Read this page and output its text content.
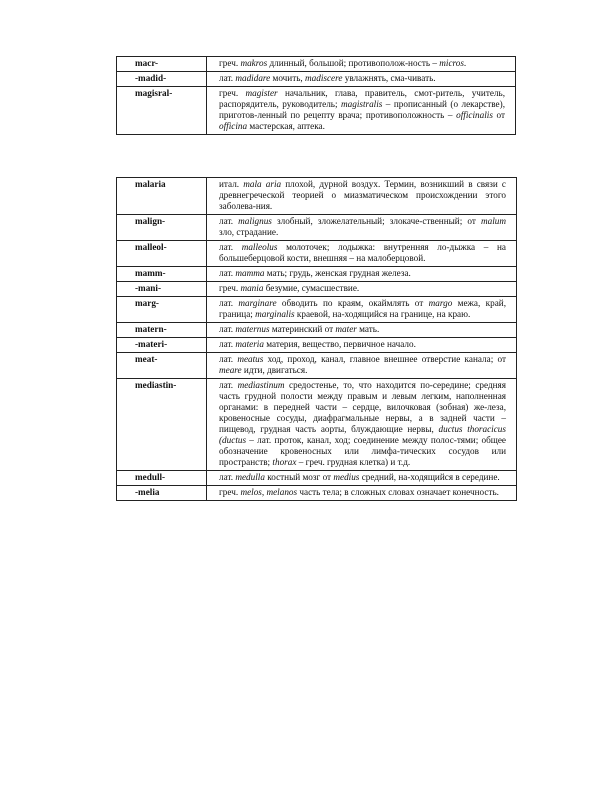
macr-	греч. makros длинный, большой; противополож-ность – micros.
-madid-	лат. madidare мочить, madiscere увлажнять, сма-чивать.
magisral-	греч. magister начальник, глава, правитель, смот-ритель, учитель, распорядитель, руководитель; magistralis – прописанный (о лекарстве), приготов-ленный по рецепту врача; противоположность – officinalis от officina мастерская, аптека.
malaria	итал. mala aria плохой, дурной воздух. Термин, возникший в связи с древнегреческой теорией о миазматическом происхождении этого заболева-ния.
malign-	лат. malignus злобный, зложелательный; злокаче-ственный; от malum зло, страдание.
malleol-	лат. malleolus молоточек; лодыжка: внутренняя ло-дыжка – на большеберцовой кости, внешняя – на малоберцовой.
mamm-	лат. mamma мать; грудь, женская грудная железа.
-mani-	греч. mania безумие, сумасшествие.
marg-	лат. marginare обводить по краям, окаймлять от margo межа, край, граница; marginalis краевой, на-ходящийся на границе, на краю.
matern-	лат. maternus материнский от mater мать.
-materi-	лат. materia материя, вещество, первичное начало.
meat-	лат. meatus ход, проход, канал, главное внешнее отверстие канала; от meare идти, двигаться.
mediastin-	лат. mediastinum средостенье, то, что находится по-середине; средняя часть грудной полости между правым и левым легким, наполненная органами: в передней части – сердце, вилочковая (зобная) же-леза, кровеносные сосуды, диафрагмальные нервы, а в задней части – пищевод, грудная часть аорты, блуждающие нервы, ductus thoracicus (ductus – лат. проток, канал, ход; соединение между полос-тями; общее обозначение кровеносных или лимфа-тических сосудов или пространств; thorax – греч. грудная клетка) и т.д.
medull-	лат. medulla костный мозг от medius средний, на-ходящийся в середине.
-melia	греч. melos, melanos часть тела; в сложных словах означает конечность.
